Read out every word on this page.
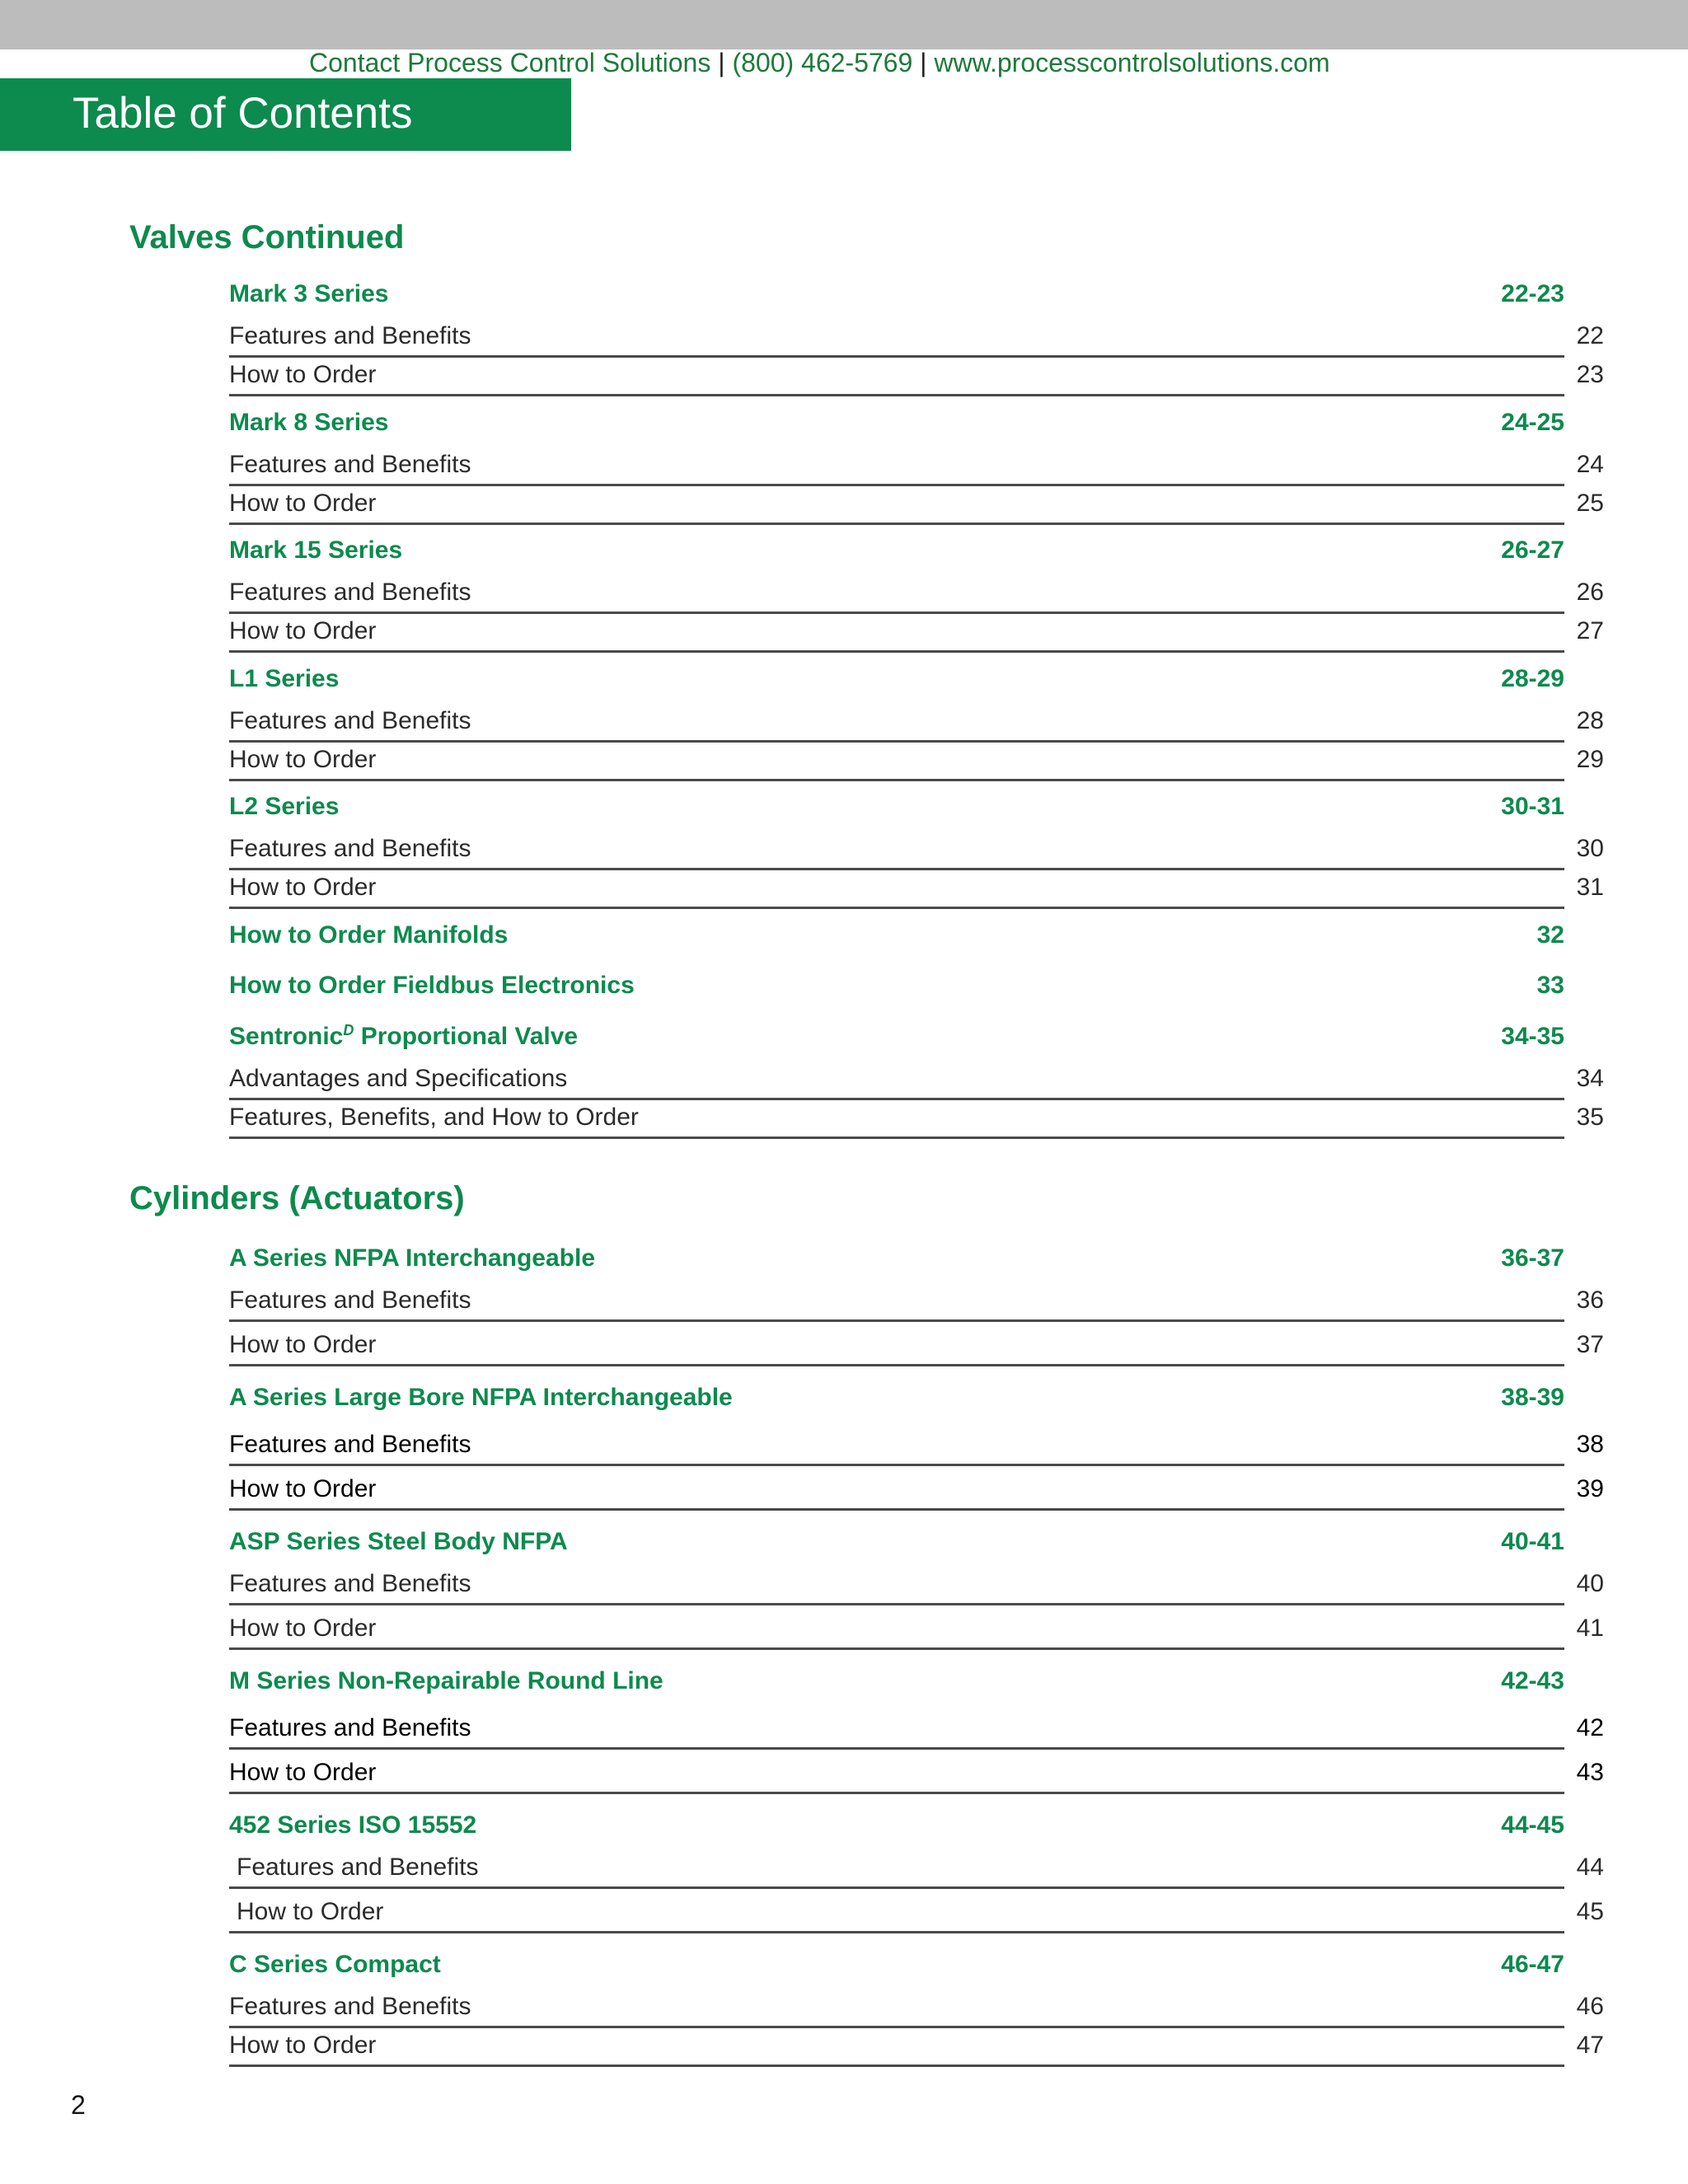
Contact Process Control Solutions | (800) 462-5769 | www.processcontrolsolutions.com
Table of Contents
Valves Continued
Mark 3 Series	22-23
Features and Benefits	22
How to Order	23
Mark 8 Series	24-25
Features and Benefits	24
How to Order	25
Mark 15 Series	26-27
Features and Benefits	26
How to Order	27
L1 Series	28-29
Features and Benefits	28
How to Order	29
L2 Series	30-31
Features and Benefits	30
How to Order	31
How to Order Manifolds	32
How to Order Fieldbus Electronics	33
Sentronic$^D$ Proportional Valve	34-35
Advantages and Specifications	34
Features, Benefits, and How to Order	35
Cylinders (Actuators)
A Series NFPA Interchangeable	36-37
Features and Benefits	36
How to Order	37
A Series Large Bore NFPA Interchangeable	38-39
Features and Benefits	38
How to Order	39
ASP Series Steel Body NFPA	40-41
Features and Benefits	40
How to Order	41
M Series Non-Repairable Round Line	42-43
Features and Benefits	42
How to Order	43
452 Series ISO 15552	44-45
Features and Benefits	44
How to Order	45
C Series Compact	46-47
Features and Benefits	46
How to Order	47
2
